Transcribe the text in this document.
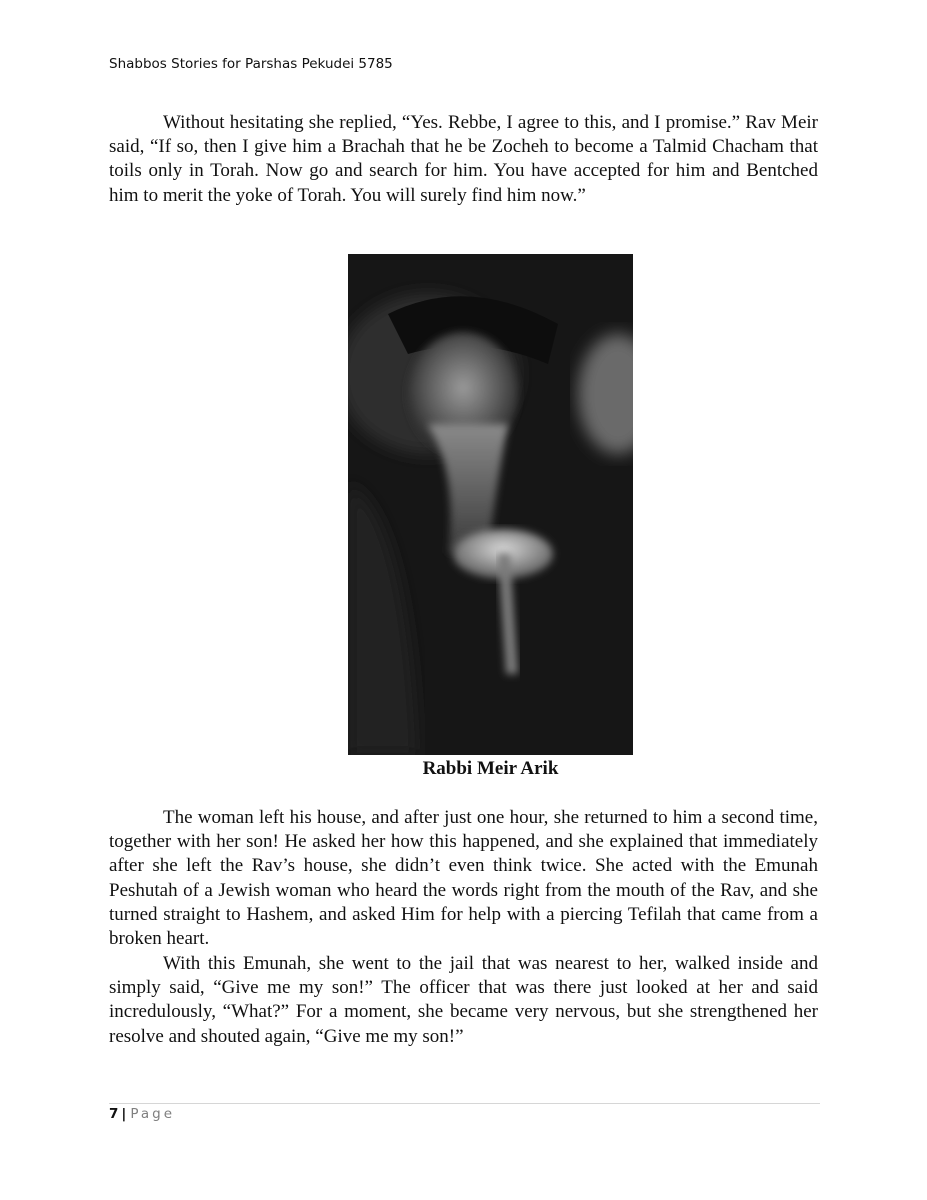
Shabbos Stories for Parshas Pekudei 5785

Without hesitating she replied, “Yes. Rebbe, I agree to this, and I promise.” Rav Meir said, “If so, then I give him a Brachah that he be Zocheh to become a Talmid Chacham that toils only in Torah. Now go and search for him. You have accepted for him and Bentched him to merit the yoke of Torah. You will surely find him now.”

Rabbi Meir Arik

The woman left his house, and after just one hour, she returned to him a second time, together with her son! He asked her how this happened, and she explained that immediately after she left the Rav’s house, she didn’t even think twice. She acted with the Emunah Peshutah of a Jewish woman who heard the words right from the mouth of the Rav, and she turned straight to Hashem, and asked Him for help with a piercing Tefilah that came from a broken heart.

With this Emunah, she went to the jail that was nearest to her, walked inside and simply said, “Give me my son!” The officer that was there just looked at her and said incredulously, “What?” For a moment, she became very nervous, but she strengthened her resolve and shouted again, “Give me my son!”

7 | Page
